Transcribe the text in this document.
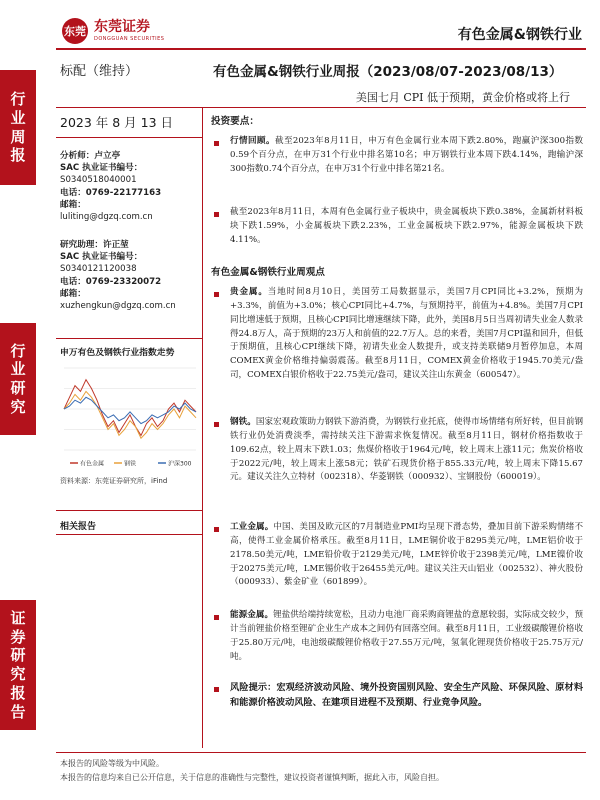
东莞 东莞证券
DONGGUAN SECURITIES	有色金属&钢铁行业
行
业
周
报
行
业
研
究
证
券
研
究
报
告
标配（维持）	有色金属&钢铁行业周报（2023/08/07-2023/08/13）
美国七月 CPI 低于预期，黄金价格或将上行
2023 年 8 月 13 日
分析师：卢立亭
SAC 执业证书编号：
S0340518040001
电话：0769-22177163
邮箱：
luliting@dgzq.com.cn
研究助理：许正堃
SAC 执业证书编号：
S0340121120038
电话：0769-23320072
邮箱：
xuzhengkun@dgzq.com.cn
申万有色及钢铁行业指数走势
有色金属	钢铁	沪深300
资料来源：东莞证券研究所，iFind
相关报告
投资要点：
行情回顾。截至2023年8月11日，申万有色金属行业本周下跌2.80%，跑赢沪深300指数0.59个百分点，在申万31个行业中排名第10名；申万钢铁行业本周下跌4.14%，跑输沪深300指数0.74个百分点，在申万31个行业中排名第21名。
截至2023年8月11日，本周有色金属行业子板块中，贵金属板块下跌0.38%，金属新材料板块下跌1.59%，小金属板块下跌2.23%，工业金属板块下跌2.97%，能源金属板块下跌4.11%。
有色金属&钢铁行业周观点
贵金属。当地时间8月10日，美国劳工局数据显示，美国7月CPI同比+3.2%，预期为+3.3%，前值为+3.0%；核心CPI同比+4.7%，与预期持平，前值为+4.8%。美国7月CPI同比增速低于预期，且核心CPI同比增速继续下降，此外，美国8月5日当周初请失业金人数录得24.8万人，高于预期的23万人和前值的22.7万人。总的来看，美国7月CPI温和回升，但低于预期值，且核心CPI继续下降，初请失业金人数提升，或支持美联储9月暂停加息，本周COMEX黄金价格维持偏弱震荡。截至8月11日，COMEX黄金价格收于1945.70美元/盎司，COMEX白银价格收于22.75美元/盎司，建议关注山东黄金（600547）。
钢铁。国家宏观政策助力钢铁下游消费，为钢铁行业托底，使得市场情绪有所好转，但目前钢铁行业仍处消费淡季，需持续关注下游需求恢复情况。截至8月11日，钢材价格指数收于109.62点，较上周末下跌1.03；焦煤价格收于1964元/吨，较上周末上涨11元；焦炭价格收于2022元/吨，较上周末上涨58元；铁矿石现货价格于855.33元/吨，较上周末下降15.67元。建议关注久立特材（002318）、华菱钢铁（000932）、宝钢股份（600019）。
工业金属。中国、美国及欧元区的7月制造业PMI均呈现下滑态势，叠加目前下游采购情绪不高，使得工业金属价格承压。截至8月11日，LME铜价收于8295美元/吨，LME铝价收于2178.50美元/吨，LME铅价收于2129美元/吨，LME锌价收于2398美元/吨，LME镍价收于20275美元/吨，LME锡价收于26455美元/吨。建议关注天山铝业（002532）、神火股份（000933）、紫金矿业（601899）。
能源金属。锂盐供给端持续宽松，且动力电池厂商采购商锂盐的意愿较弱，实际成交较少，预计当前锂盐价格至锂矿企业生产成本之间仍有回落空间。截至8月11日，工业级碳酸锂价格收于25.80万元/吨，电池级碳酸锂价格收于27.55万元/吨，氢氧化锂现货价格收于25.75万元/吨。
风险提示：宏观经济波动风险、境外投资国别风险、安全生产风险、环保风险、原材料和能源价格波动风险、在建项目进程不及预期、行业竞争风险。
本报告的风险等级为中风险。
本报告的信息均来自已公开信息，关于信息的准确性与完整性，建议投资者谨慎判断，据此入市，风险自担。
